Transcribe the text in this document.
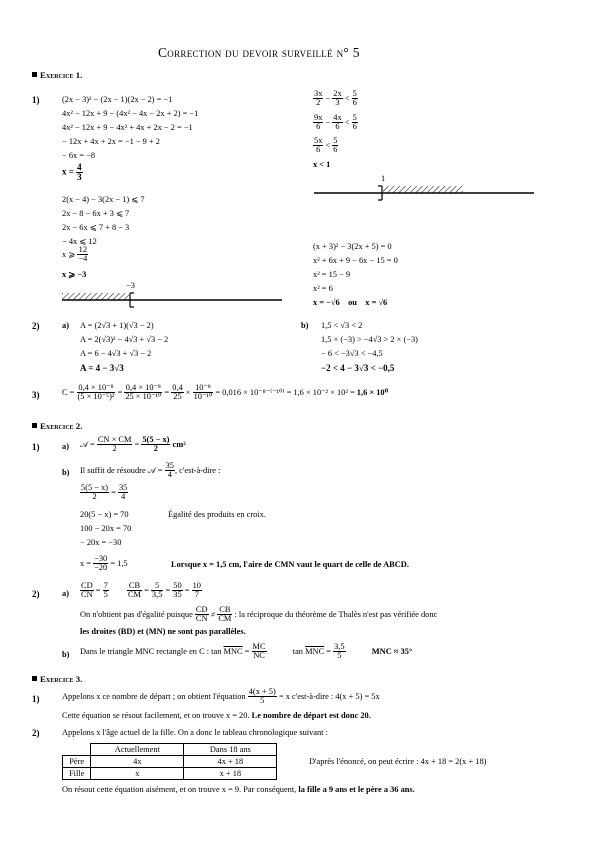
Correction du devoir surveillé n° 5
Exercice 1.
1)	(2x − 3)² − (2x − 1)(2x − 2) = −1
4x² − 12x + 9 − (4x² − 4x − 2x + 2) = −1
4x² − 12x + 9 − 4x² + 4x + 2x − 2 = −1
− 12x + 4x + 2x = −1 − 9 + 2
− 6x = −8
$x = \frac{4}{3}$
2(x − 4) − 3(2x − 1) ⩽ 7
2x − 8 − 6x + 3 ⩽ 7
2x − 6x ⩽ 7 + 8 − 3
− 4x ⩽ 12
x ⩾ $\frac{12}{-4}$
x ⩾ −3
−3
$\frac{3x}{2} - \frac{2x}{3} < \frac{5}{6}$
$\frac{9x}{6} - \frac{4x}{6} < \frac{5}{6}$
$\frac{5x}{6} < \frac{5}{6}$
x < 1
1
(x + 3)² − 3(2x + 5) = 0
x² + 6x + 9 − 6x − 15 = 0
x² = 15 − 9
x² = 6
x = −√6    ou    x = √6
2)	a) A = (2√3 + 1)(√3 − 2)
A = 2(√3)² − 4√3 + √3 − 2
A = 6 − 4√3 + √3 − 2
A = 4 − 3√3
b) 1,5 < √3 < 2
1,5 × (−3) > −4√3 > 2 × (−3)
− 6 < −3√3 < −4,5
−2 < 4 − 3√3 < −0,5
3)	$C = \frac{\text{0,4 × 10⁻⁸}}{\text{(5 × 10⁻⁵)²}} = \frac{\text{0,4 × 10⁻⁸}}{\text{25 × 10⁻¹⁰}} = \frac{0,4}{25} \times \frac{\text{10⁻⁸}}{\text{10⁻¹⁰}} = 0,016 \times 10^{-8-(-10)} = 1,6 \times 10^{-2} \times 10^2 = 1,6 \times 10^0$
Exercice 2.
1)	a) 𝒜 = $\frac{CN \times CM}{2} = \frac{5(5 - x)}{2} cm^2$
b) Il suffit de résoudre 𝒜 = $\frac{35}{4}$ , c'est-à-dire :
$\frac{5(5 - x)}{2} = \frac{35}{4}$
20(5 − x) = 70	Égalité des produits en croix.
100 − 20x = 70
− 20x = −30
$x = \frac{-30}{-20} = 1,5$	Lorsque x = 1,5 cm, l'aire de CMN vaut le quart de celle de ABCD.
2)	$a) \frac{CD}{CN} = \frac{7}{5}$
$\frac{CB}{CM} = \frac{5}{3,5} = \frac{50}{35} = \frac{10}{7}$
On n'obtient pas d'égalité puisque $\frac{CD}{CN} \ne \frac{CB}{CM}$ : la réciproque du théorème de Thalès n'est pas vérifiée donc
les droites (BD) et (MN) ne sont pas parallèles.
b) Dans le triangle MNC rectangle en C : $\tan \overline{MNC} = \frac{MC}{NC}$	$\tan \overline{MNC} = \frac{3,5}{5}$	MNC ≈ 35°
Exercice 3.
1)	Appelons x ce nombre de départ ; on obtient l'équation $\frac{4(x + 5)}{5} = x$ c'est-à-dire : 4(x + 5) = 5x
Cette équation se résout facilement, et on trouve x = 20. Le nombre de départ est donc 20.
2)	Appelons x l'âge actuel de la fille. On a donc le tableau chronologique suivant :
	Actuellement	Dans 18 ans
Père	4x	4x + 18
Fille	x	x + 18
D'après l'énoncé, on peut écrire : 4x + 18 = 2(x + 18)
On résout cette équation aisément, et on trouve x = 9. Par conséquent, la fille a 9 ans et le père a 36 ans.
